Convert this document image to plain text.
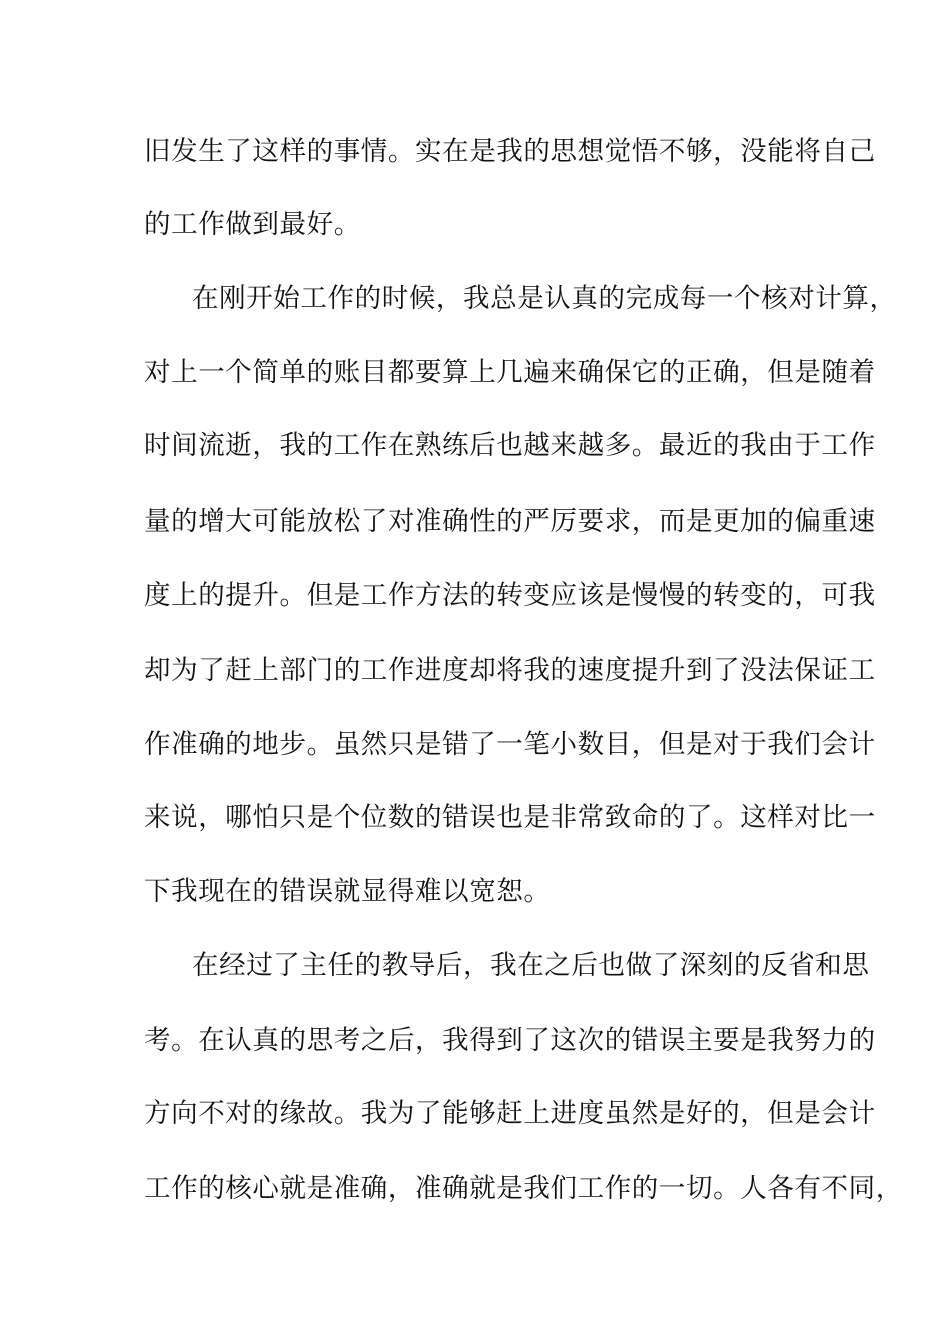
旧发生了这样的事情。实在是我的思想觉悟不够，没能将自己
的工作做到最好。
在刚开始工作的时候，我总是认真的完成每一个核对计算，
对上一个简单的账目都要算上几遍来确保它的正确，但是随着
时间流逝，我的工作在熟练后也越来越多。最近的我由于工作
量的增大可能放松了对准确性的严厉要求，而是更加的偏重速
度上的提升。但是工作方法的转变应该是慢慢的转变的，可我
却为了赶上部门的工作进度却将我的速度提升到了没法保证工
作准确的地步。虽然只是错了一笔小数目，但是对于我们会计
来说，哪怕只是个位数的错误也是非常致命的了。这样对比一
下我现在的错误就显得难以宽恕。
在经过了主任的教导后，我在之后也做了深刻的反省和思
考。在认真的思考之后，我得到了这次的错误主要是我努力的
方向不对的缘故。我为了能够赶上进度虽然是好的，但是会计
工作的核心就是准确，准确就是我们工作的一切。人各有不同，
